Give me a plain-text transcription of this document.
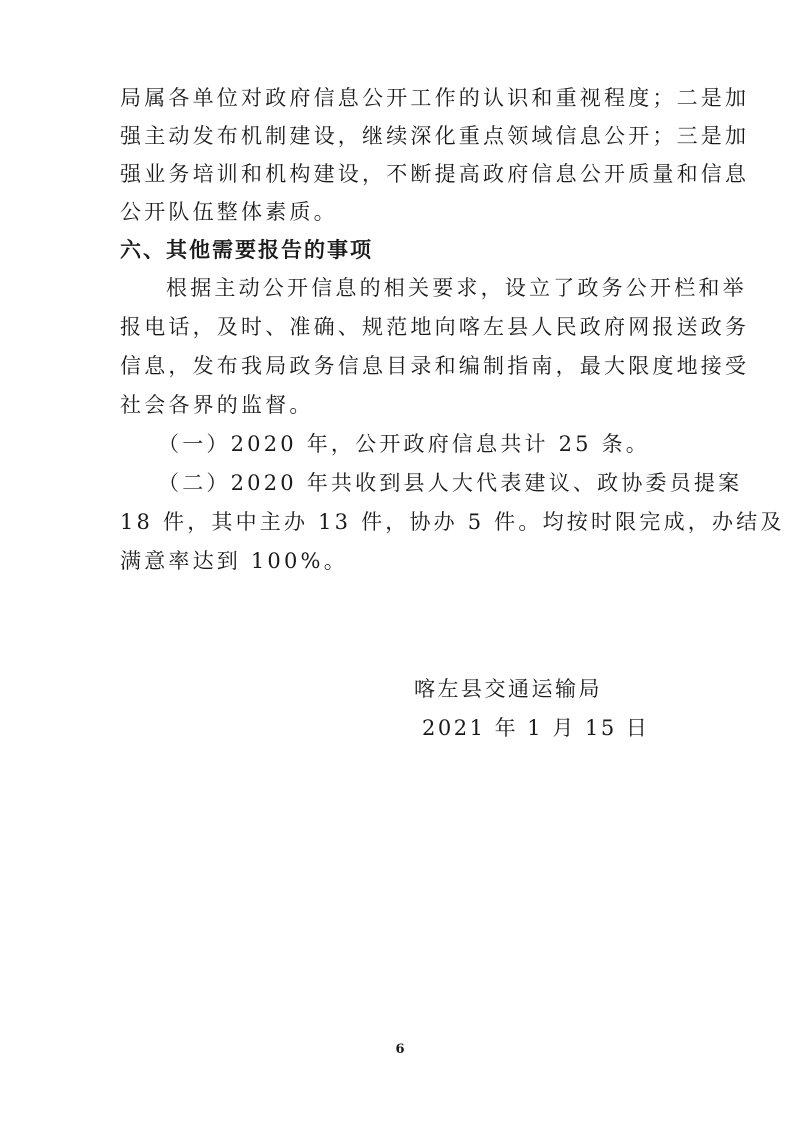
局属各单位对政府信息公开工作的认识和重视程度；二是加
强主动发布机制建设，继续深化重点领域信息公开；三是加
强业务培训和机构建设，不断提高政府信息公开质量和信息
公开队伍整体素质。
六、其他需要报告的事项
根据主动公开信息的相关要求，设立了政务公开栏和举
报电话，及时、准确、规范地向喀左县人民政府网报送政务
信息，发布我局政务信息目录和编制指南，最大限度地接受
社会各界的监督。
（一）2020 年，公开政府信息共计 25 条。
（二）2020 年共收到县人大代表建议、政协委员提案
18 件，其中主办 13 件，协办 5 件。均按时限完成，办结及
满意率达到 100%。
喀左县交通运输局
2021 年 1 月 15 日
6
